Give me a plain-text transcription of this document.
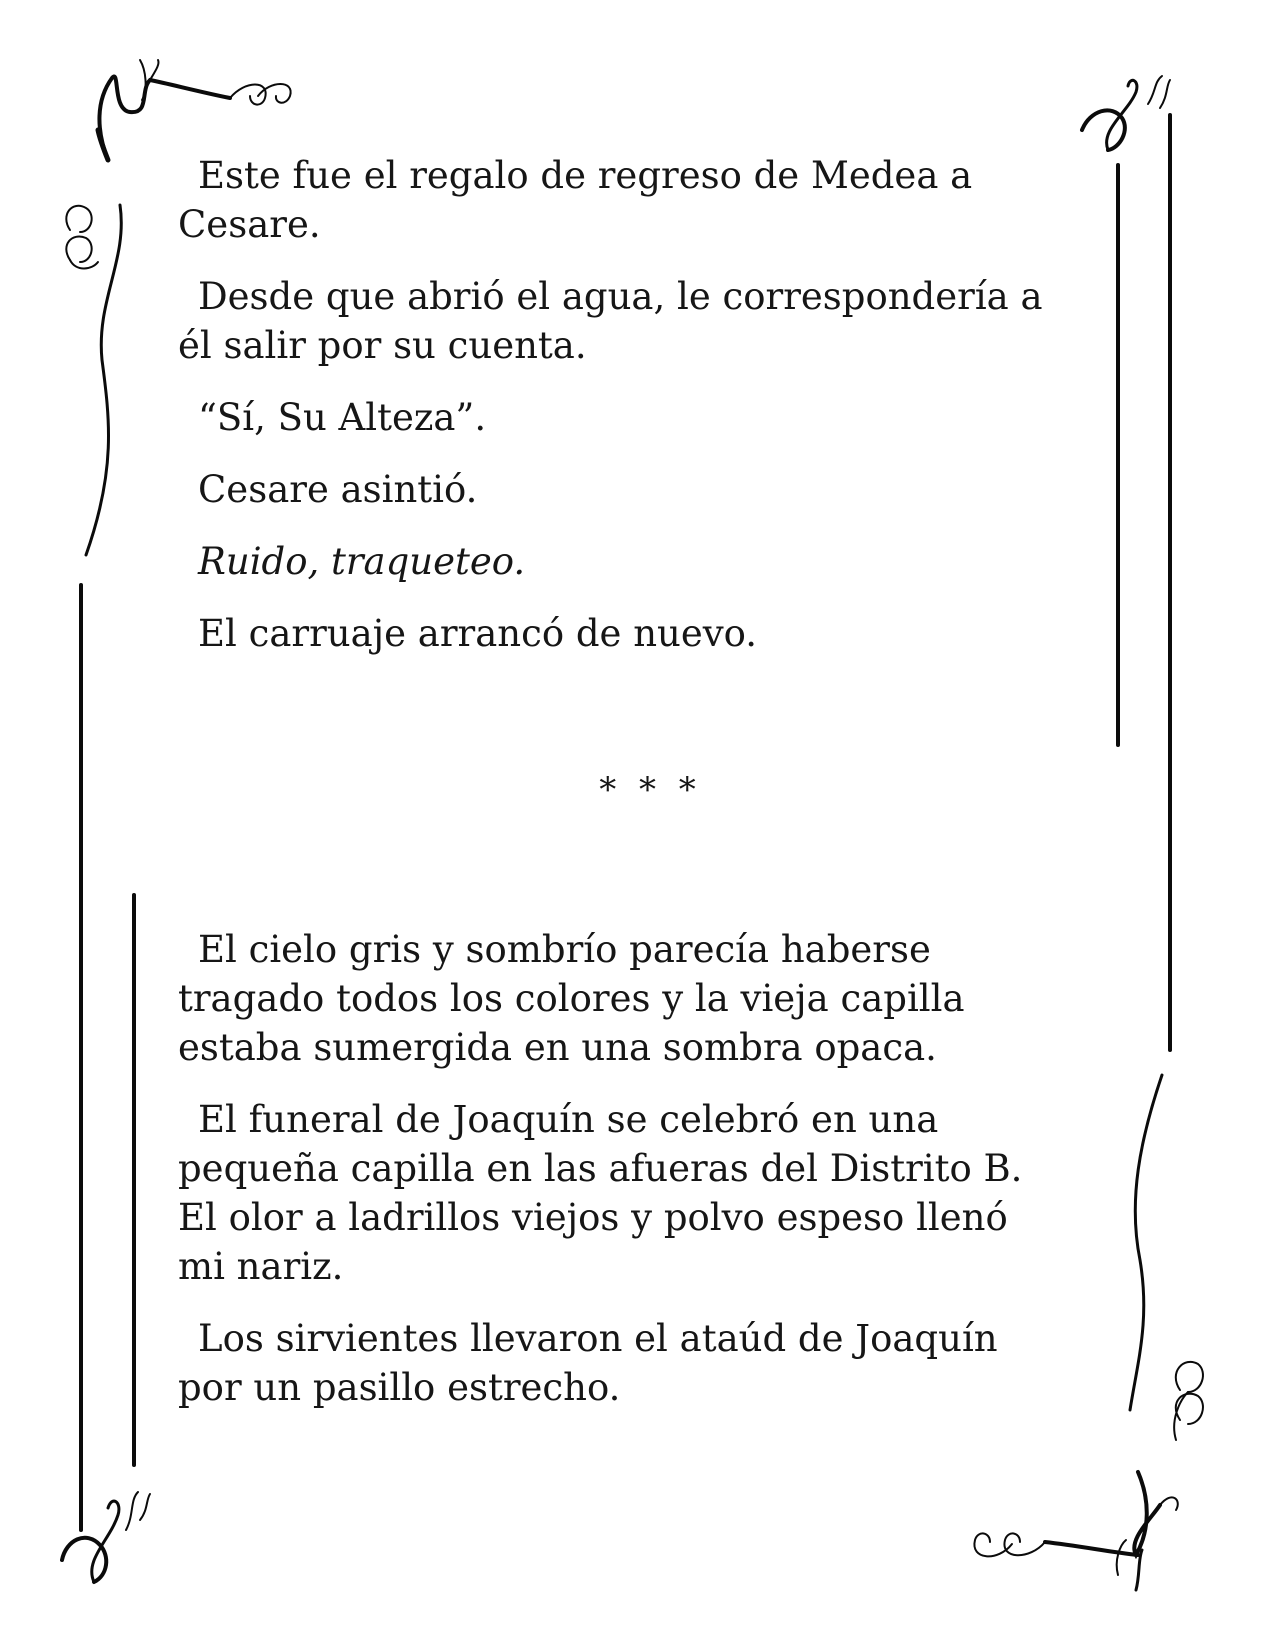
Este fue el regalo de regreso de Medea a Cesare.

Desde que abrió el agua, le correspondería a él salir por su cuenta.

“Sí, Su Alteza”.

Cesare asintió.

Ruido, traqueteo.

El carruaje arrancó de nuevo.

* * *

El cielo gris y sombrío parecía haberse tragado todos los colores y la vieja capilla estaba sumergida en una sombra opaca.

El funeral de Joaquín se celebró en una pequeña capilla en las afueras del Distrito B. El olor a ladrillos viejos y polvo espeso llenó mi nariz.

Los sirvientes llevaron el ataúd de Joaquín por un pasillo estrecho.
